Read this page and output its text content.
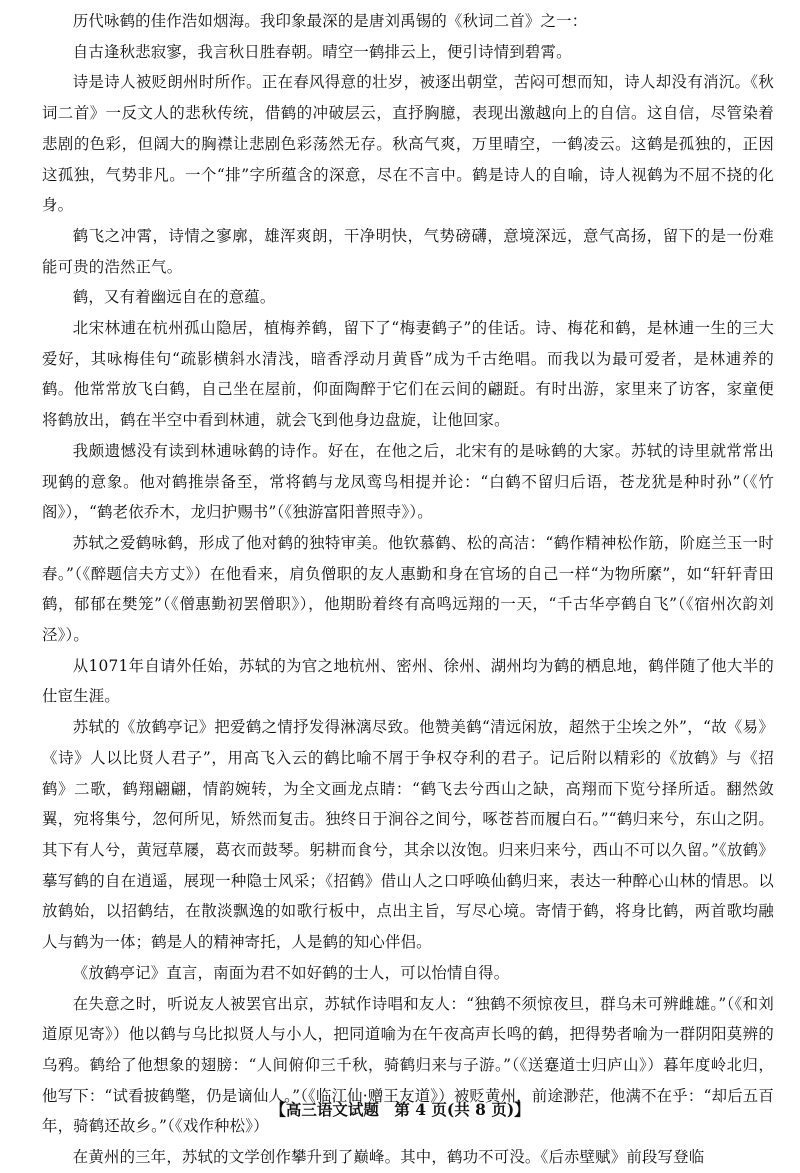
历代咏鹤的佳作浩如烟海。我印象最深的是唐刘禹锡的《秋词二首》之一：

自古逢秋悲寂寥，我言秋日胜春朝。晴空一鹤排云上，便引诗情到碧霄。

诗是诗人被贬朗州时所作。正在春风得意的壮岁，被逐出朝堂，苦闷可想而知，诗人却没有消沉。《秋词二首》一反文人的悲秋传统，借鹤的冲破层云，直抒胸臆，表现出激越向上的自信。这自信，尽管染着悲剧的色彩，但阔大的胸襟让悲剧色彩荡然无存。秋高气爽，万里晴空，一鹤凌云。这鹤是孤独的，正因这孤独，气势非凡。一个“排”字所蕴含的深意，尽在不言中。鹤是诗人的自喻，诗人视鹤为不屈不挠的化身。

鹤飞之冲霄，诗情之寥廓，雄浑爽朗，干净明快，气势磅礴，意境深远，意气高扬，留下的是一份难能可贵的浩然正气。

鹤，又有着幽远自在的意蕴。

北宋林逋在杭州孤山隐居，植梅养鹤，留下了“梅妻鹤子”的佳话。诗、梅花和鹤，是林逋一生的三大爱好，其咏梅佳句“疏影横斜水清浅，暗香浮动月黄昏”成为千古绝唱。而我以为最可爱者，是林逋养的鹤。他常常放飞白鹤，自己坐在屋前，仰面陶醉于它们在云间的翩跹。有时出游，家里来了访客，家童便将鹤放出，鹤在半空中看到林逋，就会飞到他身边盘旋，让他回家。

我颇遗憾没有读到林逋咏鹤的诗作。好在，在他之后，北宋有的是咏鹤的大家。苏轼的诗里就常常出现鹤的意象。他对鹤推崇备至，常将鹤与龙凤鸾鸟相提并论：“白鹤不留归后语，苍龙犹是种时孙”（《竹阁》），“鹤老依乔木，龙归护赐书”（《独游富阳普照寺》）。

苏轼之爱鹤咏鹤，形成了他对鹤的独特审美。他钦慕鹤、松的高洁：“鹤作精神松作筋，阶庭兰玉一时春。”（《醉题信夫方丈》）在他看来，肩负僧职的友人惠勤和身在官场的自己一样“为物所縻”，如“轩轩青田鹤，郁郁在樊笼”（《僧惠勤初罢僧职》），他期盼着终有高鸣远翔的一天，“千古华亭鹤自飞”（《宿州次韵刘泾》）。

从1071年自请外任始，苏轼的为官之地杭州、密州、徐州、湖州均为鹤的栖息地，鹤伴随了他大半的仕宦生涯。

苏轼的《放鹤亭记》把爱鹤之情抒发得淋漓尽致。他赞美鹤“清远闲放，超然于尘埃之外”，“故《易》《诗》人以比贤人君子”，用高飞入云的鹤比喻不屑于争权夺利的君子。记后附以精彩的《放鹤》与《招鹤》二歌，鹤翔翩翩，情韵婉转，为全文画龙点睛：“鹤飞去兮西山之缺，高翔而下览兮择所适。翻然敛翼，宛将集兮，忽何所见，矫然而复击。独终日于涧谷之间兮，啄苍苔而履白石。”“鹤归来兮，东山之阴。其下有人兮，黄冠草屦，葛衣而鼓琴。躬耕而食兮，其余以汝饱。归来归来兮，西山不可以久留。”《放鹤》摹写鹤的自在逍遥，展现一种隐士风采；《招鹤》借山人之口呼唤仙鹤归来，表达一种醉心山林的情思。以放鹤始，以招鹤结，在散淡飘逸的如歌行板中，点出主旨，写尽心境。寄情于鹤，将身比鹤，两首歌均融人与鹤为一体；鹤是人的精神寄托，人是鹤的知心伴侣。

《放鹤亭记》直言，南面为君不如好鹤的士人，可以怡情自得。

在失意之时，听说友人被罢官出京，苏轼作诗唱和友人：“独鹤不须惊夜旦，群乌未可辨雌雄。”（《和刘道原见寄》）他以鹤与乌比拟贤人与小人，把同道喻为在午夜高声长鸣的鹤，把得势者喻为一群阴阳莫辨的乌鸦。鹤给了他想象的翅膀：“人间俯仰三千秋，骑鹤归来与子游。”（《送蹇道士归庐山》）暮年度岭北归，他写下：“试看披鹤氅，仍是谪仙人。”（《临江仙·赠王友道》）被贬黄州，前途渺茫，他满不在乎：“却后五百年，骑鹤还故乡。”（《戏作种松》）

在黄州的三年，苏轼的文学创作攀升到了巅峰。其中，鹤功不可没。《后赤壁赋》前段写登临

【高三语文试题　第 4 页(共 8 页)】
